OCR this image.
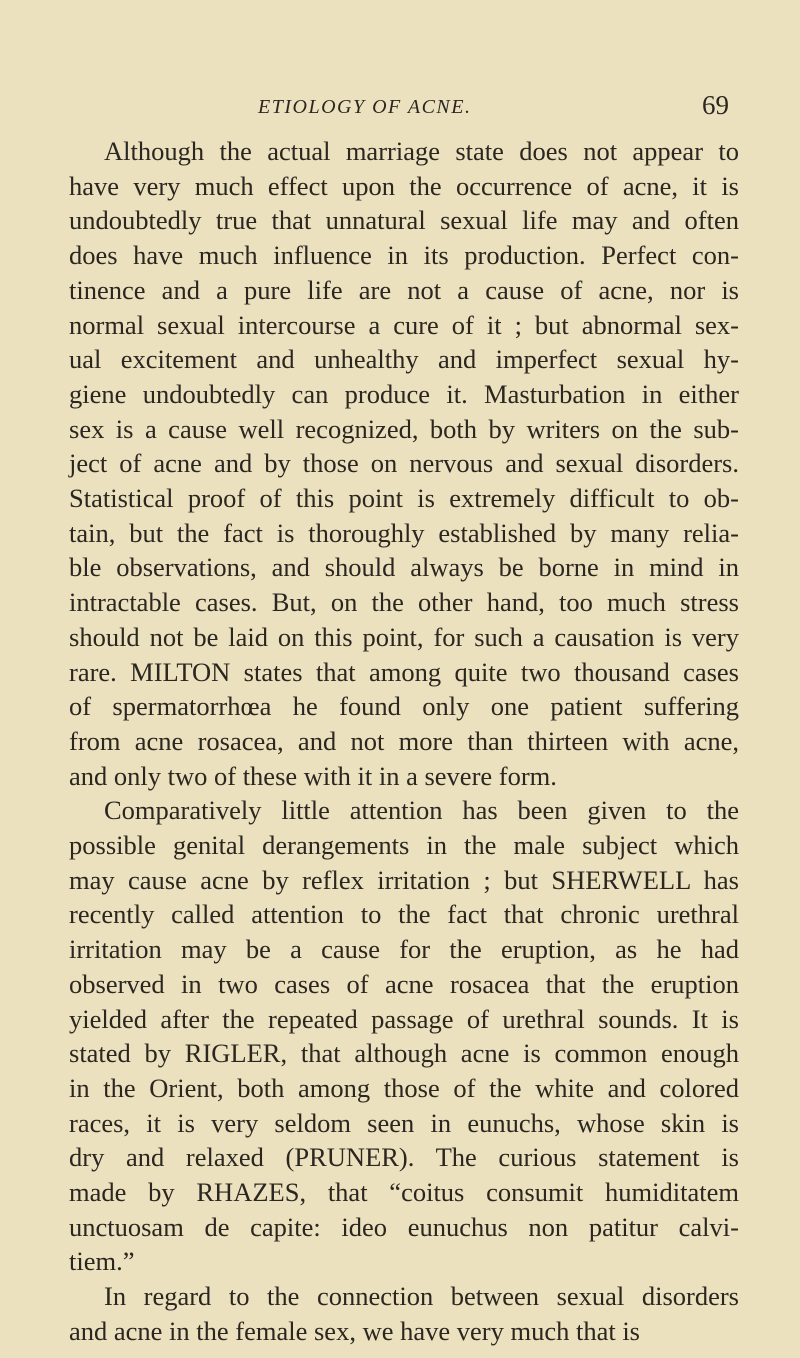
ETIOLOGY OF ACNE.	69
Although the actual marriage state does not appear to
have very much effect upon the occurrence of acne, it is
undoubtedly true that unnatural sexual life may and often
does have much influence in its production. Perfect con-
tinence and a pure life are not a cause of acne, nor is
normal sexual intercourse a cure of it ; but abnormal sex-
ual excitement and unhealthy and imperfect sexual hy-
giene undoubtedly can produce it. Masturbation in either
sex is a cause well recognized, both by writers on the sub-
ject of acne and by those on nervous and sexual disorders.
Statistical proof of this point is extremely difficult to ob-
tain, but the fact is thoroughly established by many relia-
ble observations, and should always be borne in mind in
intractable cases. But, on the other hand, too much stress
should not be laid on this point, for such a causation is very
rare. MILTON states that among quite two thousand cases
of spermatorrhœa he found only one patient suffering
from acne rosacea, and not more than thirteen with acne,
and only two of these with it in a severe form.
Comparatively little attention has been given to the
possible genital derangements in the male subject which
may cause acne by reflex irritation ; but SHERWELL has
recently called attention to the fact that chronic urethral
irritation may be a cause for the eruption, as he had
observed in two cases of acne rosacea that the eruption
yielded after the repeated passage of urethral sounds. It is
stated by RIGLER, that although acne is common enough
in the Orient, both among those of the white and colored
races, it is very seldom seen in eunuchs, whose skin is
dry and relaxed (PRUNER). The curious statement is
made by RHAZES, that “coitus consumit humiditatem
unctuosam de capite: ideo eunuchus non patitur calvi-
tiem.”
In regard to the connection between sexual disorders
and acne in the female sex, we have very much that is
